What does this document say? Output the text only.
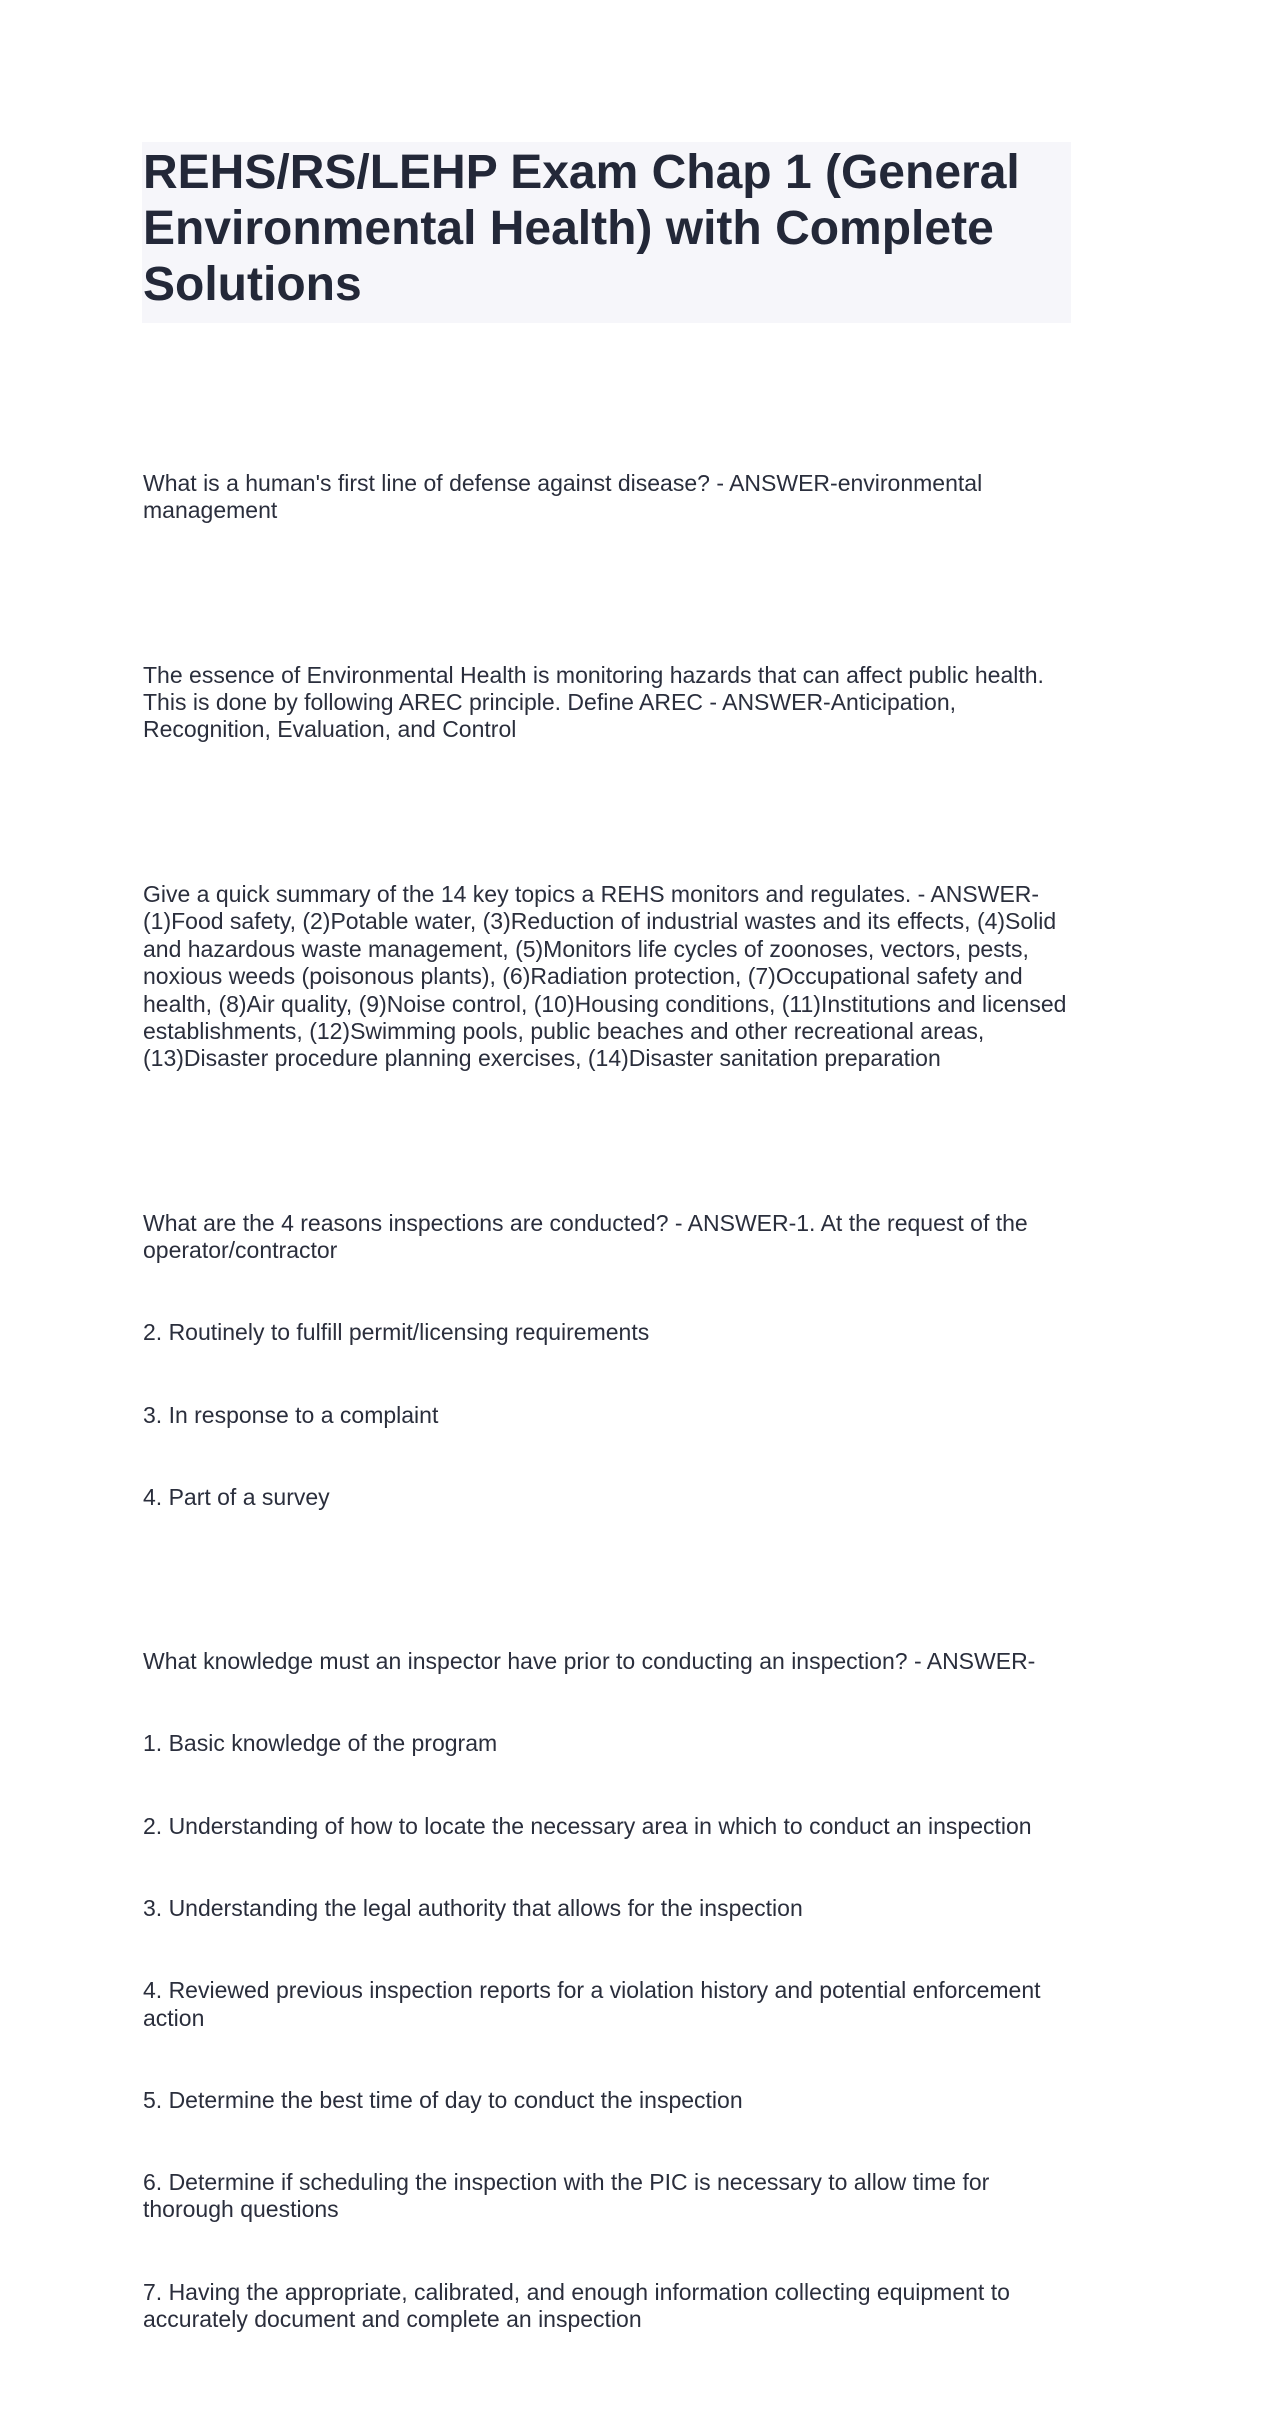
REHS/RS/LEHP Exam Chap 1 (General Environmental Health) with Complete Solutions

What is a human's first line of defense against disease? - ANSWER-environmental management

The essence of Environmental Health is monitoring hazards that can affect public health. This is done by following AREC principle. Define AREC - ANSWER-Anticipation, Recognition, Evaluation, and Control

Give a quick summary of the 14 key topics a REHS monitors and regulates. - ANSWER-(1)Food safety, (2)Potable water, (3)Reduction of industrial wastes and its effects, (4)Solid and hazardous waste management, (5)Monitors life cycles of zoonoses, vectors, pests, noxious weeds (poisonous plants), (6)Radiation protection, (7)Occupational safety and health, (8)Air quality, (9)Noise control, (10)Housing conditions, (11)Institutions and licensed establishments, (12)Swimming pools, public beaches and other recreational areas, (13)Disaster procedure planning exercises, (14)Disaster sanitation preparation

What are the 4 reasons inspections are conducted? - ANSWER-1. At the request of the operator/contractor

2. Routinely to fulfill permit/licensing requirements

3. In response to a complaint

4. Part of a survey

What knowledge must an inspector have prior to conducting an inspection? - ANSWER-

1. Basic knowledge of the program

2. Understanding of how to locate the necessary area in which to conduct an inspection

3. Understanding the legal authority that allows for the inspection

4. Reviewed previous inspection reports for a violation history and potential enforcement action

5. Determine the best time of day to conduct the inspection

6. Determine if scheduling the inspection with the PIC is necessary to allow time for thorough questions

7. Having the appropriate, calibrated, and enough information collecting equipment to accurately document and complete an inspection
